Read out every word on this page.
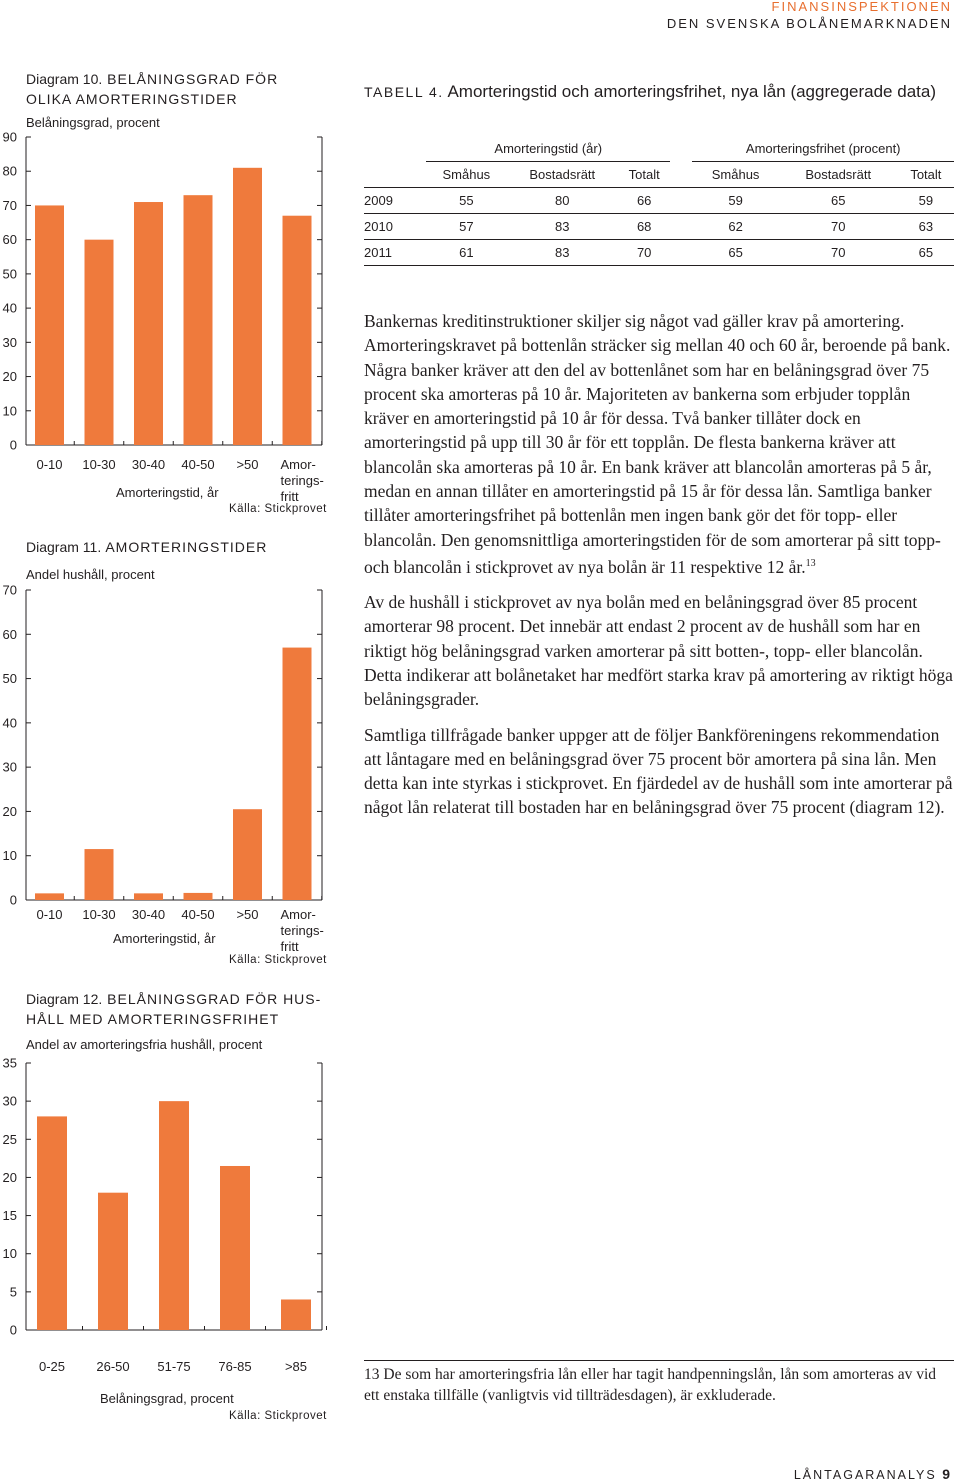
FINANSINSPEKTIONEN
DEN SVENSKA BOLÅNEMARKNADEN
Diagram 10. BELÅNINGSGRAD FÖR
OLIKA AMORTERINGSTIDER
Belåningsgrad, procent
0
10
20
30
40
50
60
70
80
90
0-10 10-30 30-40 40-50 >50 Amor-terings-fritt
Amorteringstid, år
Källa: Stickprovet
Diagram 11. AMORTERINGSTIDER
Andel hushåll, procent
0
10
20
30
40
50
60
70
0-10 10-30 30-40 40-50 >50 Amor-terings-fritt
Amorteringstid, år
Källa: Stickprovet
Diagram 12. BELÅNINGSGRAD FÖR HUS-
HÅLL MED AMORTERINGSFRIHET
Andel av amorteringsfria hushåll, procent
0
5
10
15
20
25
30
35
0-25 26-50 51-75 76-85	>85
Belåningsgrad, procent
Källa: Stickprovet
TABELL 4. Amorteringstid och amorteringsfrihet, nya lån (aggregerade data)
	Amorteringstid (år)				Amorteringsfrihet (procent)		
	Småhus	Bostadsrätt	Totalt		Småhus	Bostadsrätt	Totalt
2009	55	80	66		59	65	59
2010	57	83	68		62	70	63
2011	61	83	70		65	70	65

Bankernas kreditinstruktioner skiljer sig något vad gäller krav på amortering. Amorteringskravet på bottenlån sträcker sig mellan 40 och 60 år, beroende på bank. Några banker kräver att den del av bottenlånet som har en belåningsgrad över 75 procent ska amorteras på 10 år. Majoriteten av bankerna som erbjuder topplån kräver en amorteringstid på 10 år för dessa. Två banker tillåter dock en amorteringstid på upp till 30 år för ett topplån. De flesta bankerna kräver att blancolån ska amorteras på 10 år. En bank kräver att blancolån amorteras på 5 år, medan en annan tillåter en amorteringstid på 15 år för dessa lån. Samtliga banker tillåter amorteringsfrihet på bottenlån men ingen bank gör det för topp- eller blancolån. Den genomsnittliga amorteringstiden för de som amorterar på sitt topp- och blancolån i stickprovet av nya bolån är 11 respektive 12 år.$^{13}$

Av de hushåll i stickprovet av nya bolån med en belåningsgrad över 85 procent amorterar 98 procent. Det innebär att endast 2 procent av de hushåll som har en riktigt hög belåningsgrad varken amorterar på sitt botten-, topp- eller blancolån. Detta indikerar att bolånetaket har medfört starka krav på amortering av riktigt höga belåningsgrader.

Samtliga tillfrågade banker uppger att de följer Bankföreningens rekommendation att låntagare med en belåningsgrad över 75 procent bör amortera på sina lån. Men detta kan inte styrkas i stickprovet. En fjärdedel av de hushåll som inte amorterar på något lån relaterat till bostaden har en belåningsgrad över 75 procent (diagram 12).

13 De som har amorteringsfria lån eller har tagit handpenningslån, lån som amorteras av vid ett enstaka tillfälle (vanligtvis vid tillträdesdagen), är exkluderade.
LÅNTAGARANALYS 9
